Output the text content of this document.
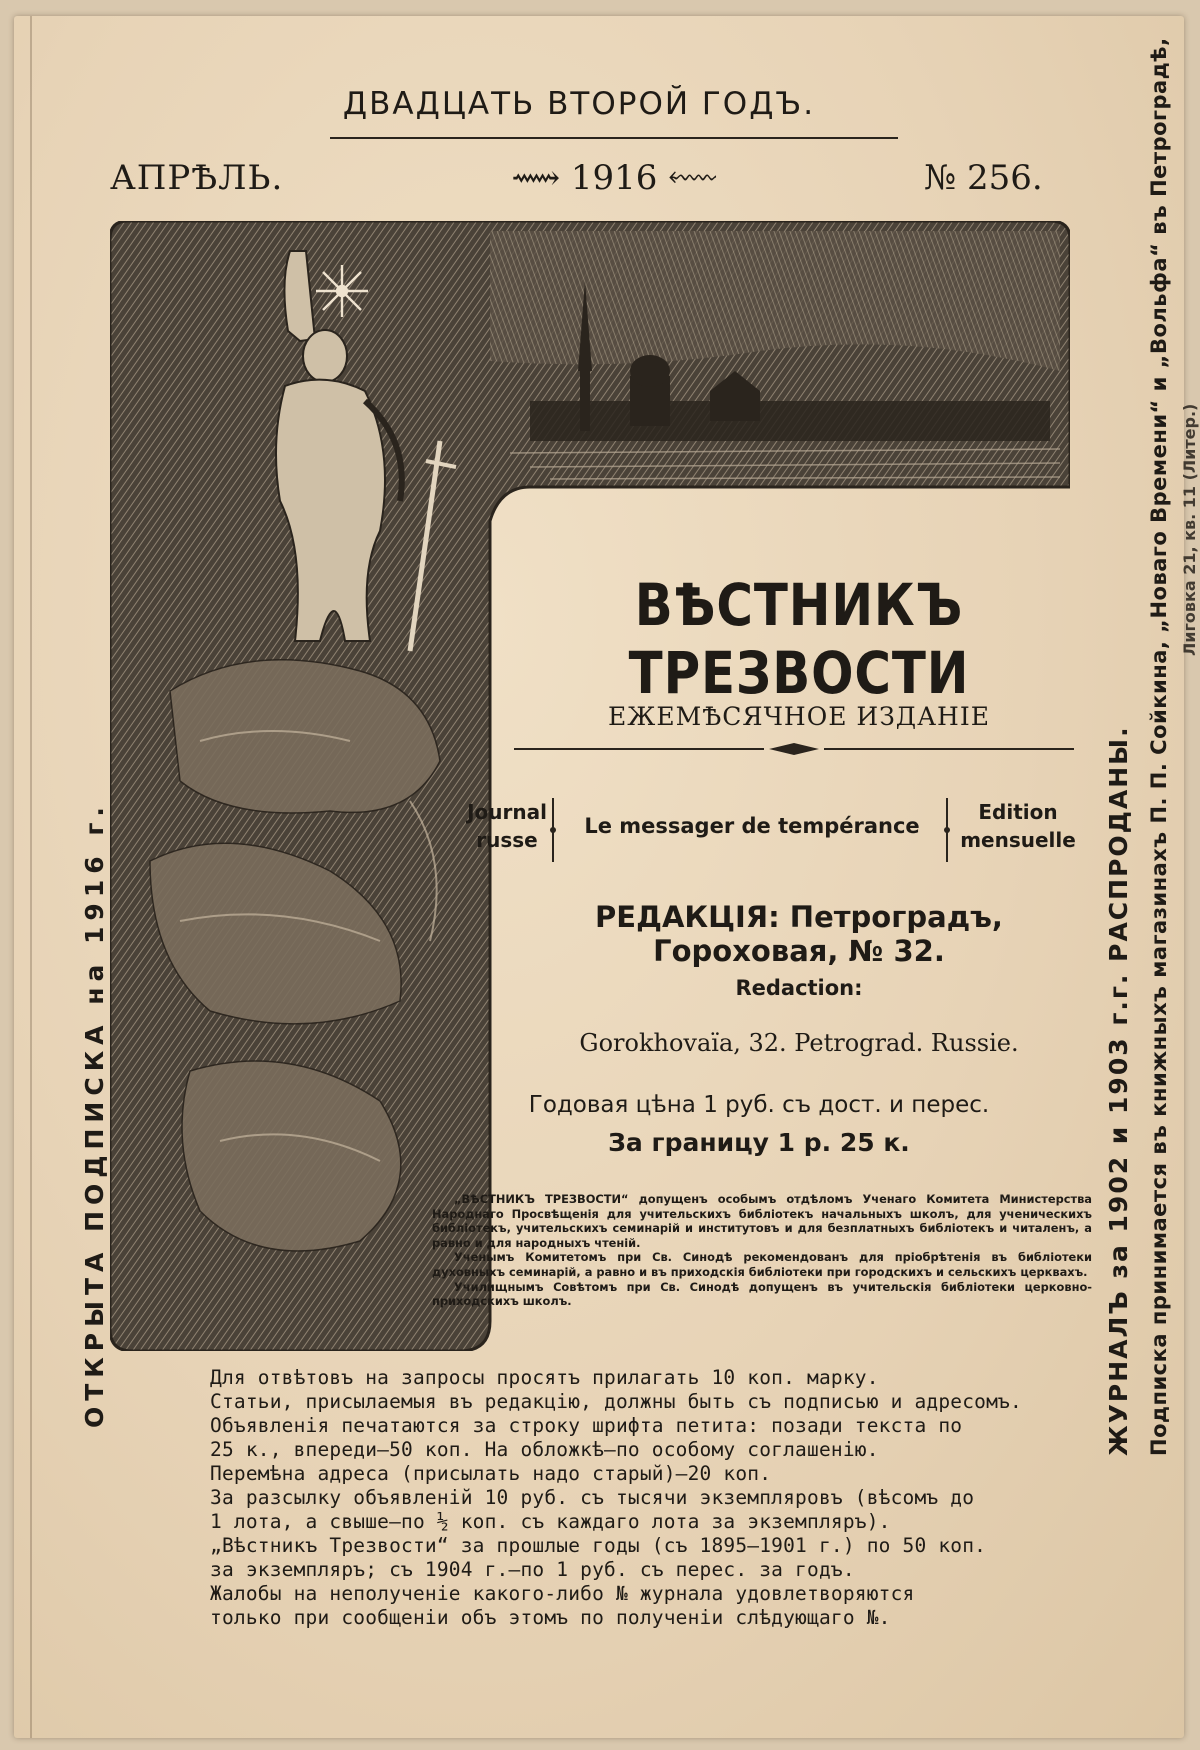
ДВАДЦАТЬ ВТОРОЙ ГОДЪ.
АПРѢЛЬ.	⟿ 1916 ⬳	№ 256.
ВѢСТНИКЪ ТРЕЗВОСТИ
ЕЖЕМѢСЯЧНОЕ ИЗДАНІЕ
Journal
russe
Le messager de tempérance
Edition
mensuelle
РЕДАКЦІЯ: Петроградъ, Гороховая, № 32.
Redaction:
Gorokhovaïa, 32. Petrograd. Russie.
Годовая цѣна 1 руб. съ дост. и перес.
За границу 1 р. 25 к.

„ВѢСТНИКЪ ТРЕЗВОСТИ“ допущенъ особымъ отдѣломъ Ученаго Комитета Министерства Народнаго Просвѣщенія для учительскихъ библіотекъ начальныхъ школъ, для ученическихъ библіотекъ, учительскихъ семинарій и институтовъ и для безплатныхъ библіотекъ и читаленъ, а равно и для народныхъ чтеній.

Ученымъ Комитетомъ при Св. Синодѣ рекомендованъ для пріобрѣтенія въ библіотеки духовныхъ семинарій, а равно и въ приходскія библіотеки при городскихъ и сельскихъ церквахъ.

Училищнымъ Совѣтомъ при Св. Синодѣ допущенъ въ учительскія библіотеки церковно-приходскихъ школъ.

Для отвѣтовъ на запросы просятъ прилагать 10 коп. марку.
Статьи, присылаемыя въ редакцію, должны быть съ подписью и адресомъ.
Объявленія печатаются за строку шрифта петита: позади текста по
25 к., впереди—50 коп. На обложкѣ—по особому соглашенію.
Перемѣна адреса (присылать надо старый)—20 коп.
За разсылку объявленій 10 руб. съ тысячи экземпляровъ (вѣсомъ до
1 лота, а свыше—по ½ коп. съ каждаго лота за экземпляръ).
„Вѣстникъ Трезвости“ за прошлые годы (съ 1895—1901 г.) по 50 коп.
за экземпляръ; съ 1904 г.—по 1 руб. съ перес. за годъ.
Жалобы на неполученіе какого-либо № журнала удовлетворяются
только при сообщеніи объ этомъ по полученіи слѣдующаго №.
ОТКРЫТА ПОДПИСКА на 1916 г.	ЖУРНАЛЪ за 1902 и 1903 г.г. РАСПРОДАНЫ. Подписка принимается въ книжныхъ магазинахъ П. П. Сойкина, „Новаго Времени“ и „Вольфа“ въ Петроградѣ, Лиговка 21, кв. 11 (Литер.)
